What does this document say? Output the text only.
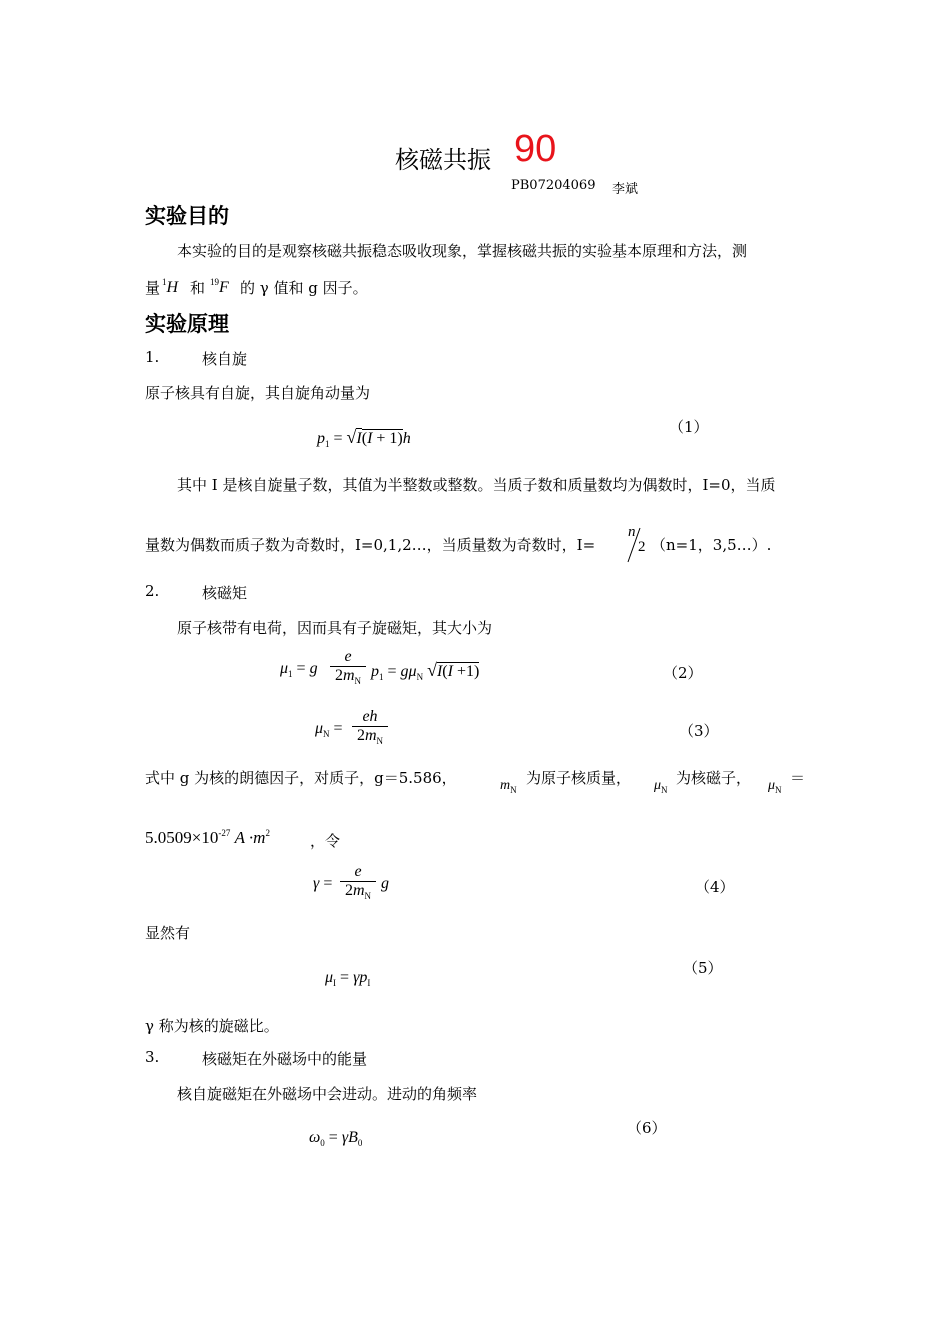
核磁共振 90
PB07204069 李斌
实验目的
本实验的目的是观察核磁共振稳态吸收现象，掌握核磁共振的实验基本原理和方法，测
量 $^1$H 和 $^{19}$F 的 γ 值和 g 因子。
实验原理
1.	核自旋
原子核具有自旋，其自旋角动量为
$p_1 = √I(I + 1)h$
（1）
其中 I 是核自旋量子数，其值为半整数或整数。当质子数和质量数均为偶数时，I=0，当质
量数为偶数而质子数为奇数时，I=0,1,2…，当质量数为奇数时，I=
n
2 （n=1，3,5…）.
2.	核磁矩
原子核带有电荷，因而具有子旋磁矩，其大小为
$\mu_1 = g \frac{e}{2m_N} p_1 = g\mu_N$ √I(I +1)	（2）
$\mu_N = \frac{eh}{2m_N}$	（3）
式中 g 为核的朗德因子，对质子，g＝5.586，	$m_N$
为原子核质量， $\mu_N$
为核磁子， $\mu_N$
＝
$5.0509\times 10^{-27}$ $A \cdot m^2$	，令
$\gamma = \frac{e}{2m_N}$ g	（4）
显然有
$\mu_I = \gamma p_I$
（5）
γ 称为核的旋磁比。
3.	核磁矩在外磁场中的能量
核自旋磁矩在外磁场中会进动。进动的角频率
$\omega_0 = \gamma B_0$
（6）
